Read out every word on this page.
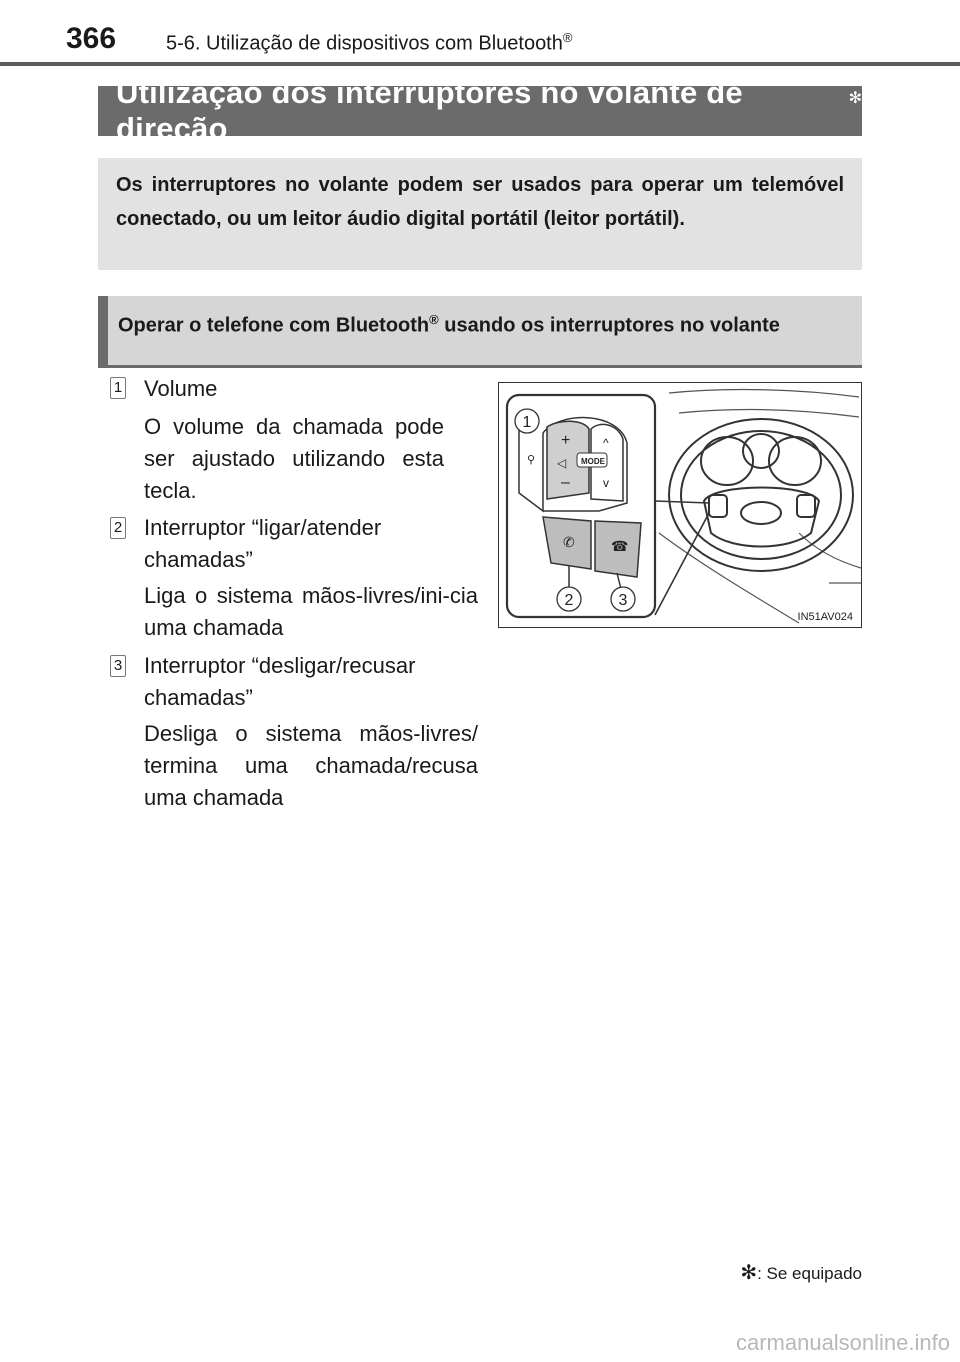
366 5-6. Utilização de dispositivos com Bluetooth®
Utilização dos interruptores no volante de direção
✻
Os interruptores no volante podem ser usados para operar um telemóvel conectado, ou um leitor áudio digital portátil (leitor portátil).
Operar o telefone com Bluetooth® usando os interruptores no volante
1 Volume
O volume da chamada pode ser ajustado utilizando esta tecla.
2 Interruptor “ligar/atender chamadas”
Liga o sistema mãos-livres/ini-cia uma chamada
3 Interruptor “desligar/recusar chamadas”
Desliga o sistema mãos-livres/ termina uma chamada/recusa uma chamada
+
–
◁
^
v
⚲
✆	☎
MODE
1
2	3
IN51AV024
✻: Se equipado
carmanualsonline.info
